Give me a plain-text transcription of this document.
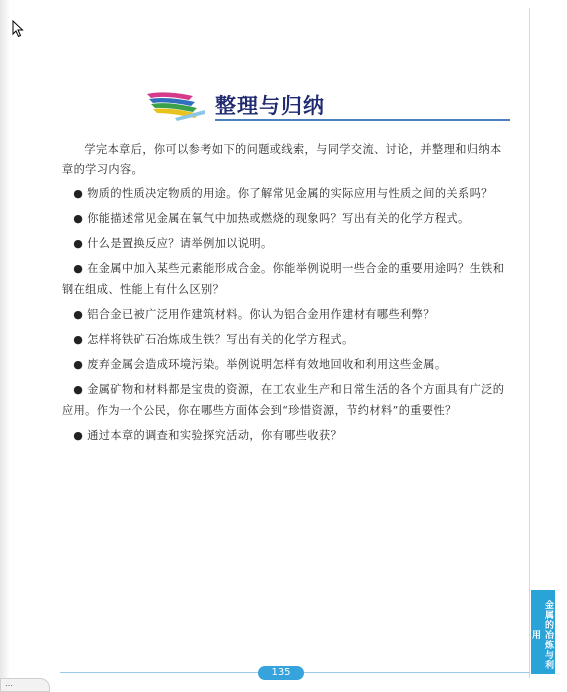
整理与归纳

学完本章后，你可以参考如下的问题或线索，与同学交流、讨论，并整理和归纳本章的学习内容。

● 物质的性质决定物质的用途。你了解常见金属的实际应用与性质之间的关系吗？
● 你能描述常见金属在氧气中加热或燃烧的现象吗？写出有关的化学方程式。
● 什么是置换反应？请举例加以说明。
● 在金属中加入某些元素能形成合金。你能举例说明一些合金的重要用途吗？生铁和钢在组成、性能上有什么区别？
● 铝合金已被广泛用作建筑材料。你认为铝合金用作建材有哪些利弊？
● 怎样将铁矿石冶炼成生铁？写出有关的化学方程式。
● 废弃金属会造成环境污染。举例说明怎样有效地回收和利用这些金属。
● 金属矿物和材料都是宝贵的资源，在工农业生产和日常生活的各个方面具有广泛的应用。作为一个公民，你在哪些方面体会到“珍惜资源，节约材料”的重要性？
● 通过本章的调查和实验探究活动，你有哪些收获？
金属的冶炼与利用
135
…
